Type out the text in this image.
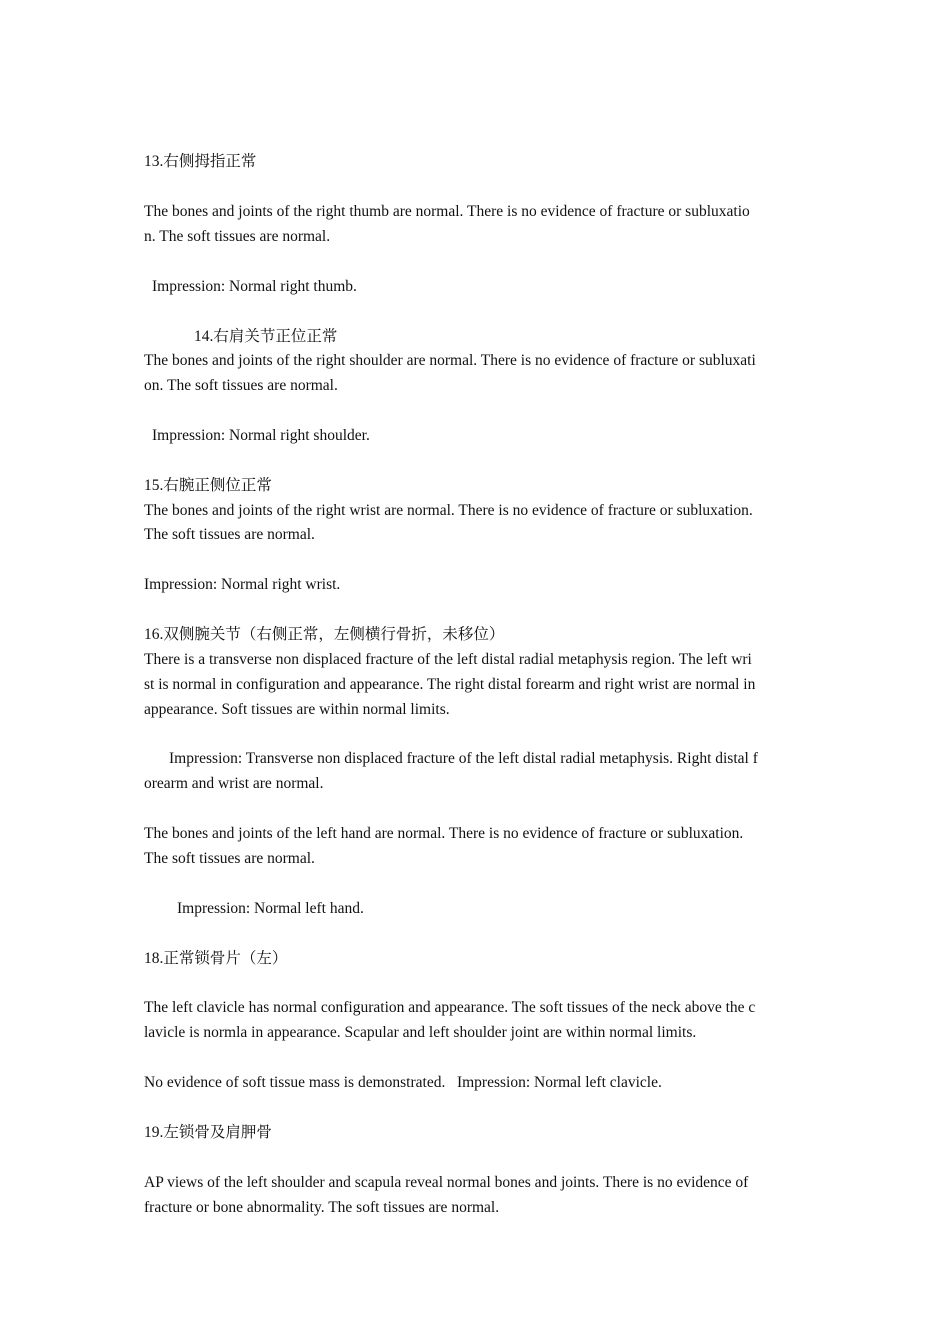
13.右侧拇指正常
The bones and joints of the right thumb are normal. There is no evidence of fracture or subluxatio
n. The soft tissues are normal.
Impression: Normal right thumb.
14.右肩关节正位正常
The bones and joints of the right shoulder are normal. There is no evidence of fracture or subluxati
on. The soft tissues are normal.
Impression: Normal right shoulder.
15.右腕正侧位正常
The bones and joints of the right wrist are normal. There is no evidence of fracture or subluxation.
The soft tissues are normal.
Impression: Normal right wrist.
16.双侧腕关节（右侧正常，左侧横行骨折，未移位）
There is a transverse non displaced fracture of the left distal radial metaphysis region. The left wri
st is normal in configuration and appearance. The right distal forearm and right wrist are normal in
appearance. Soft tissues are within normal limits.
Impression: Transverse non displaced fracture of the left distal radial metaphysis. Right distal f
orearm and wrist are normal.
The bones and joints of the left hand are normal. There is no evidence of fracture or subluxation.
The soft tissues are normal.
Impression: Normal left hand.
18.正常锁骨片（左）
The left clavicle has normal configuration and appearance. The soft tissues of the neck above the c
lavicle is normla in appearance. Scapular and left shoulder joint are within normal limits.
No evidence of soft tissue mass is demonstrated.   Impression: Normal left clavicle.
19.左锁骨及肩胛骨
AP views of the left shoulder and scapula reveal normal bones and joints. There is no evidence of
fracture or bone abnormality. The soft tissues are normal.
